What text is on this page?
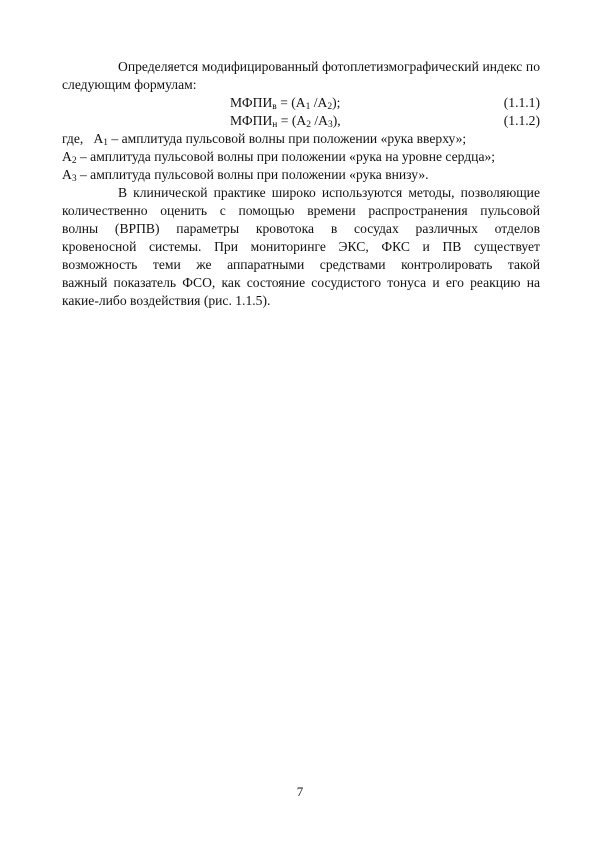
Определяется модифицированный фотоплетизмографический индекс по
следующим формулам:
$МФПИ_в = (А_1$ $/А_2$);	(1.1.1)
$МФПИ_н = (А_2$ $/А_3$),	(1.1.2)
где,   $А_1$ – амплитуда пульсовой волны при положении «рука вверху»;
$А_2$ – амплитуда пульсовой волны при положении «рука на уровне сердца»;
$А_3$ – амплитуда пульсовой волны при положении «рука внизу».
В клинической практике широко используются методы, позволяющие
количественно оценить с помощью времени распространения пульсовой
волны (ВРПВ) параметры кровотока в сосудах различных отделов
кровеносной системы. При мониторинге ЭКС, ФКС и ПВ существует
возможность теми же аппаратными средствами контролировать такой
важный показатель ФСО, как состояние сосудистого тонуса и его реакцию на
какие-либо воздействия (рис. 1.1.5).
7
